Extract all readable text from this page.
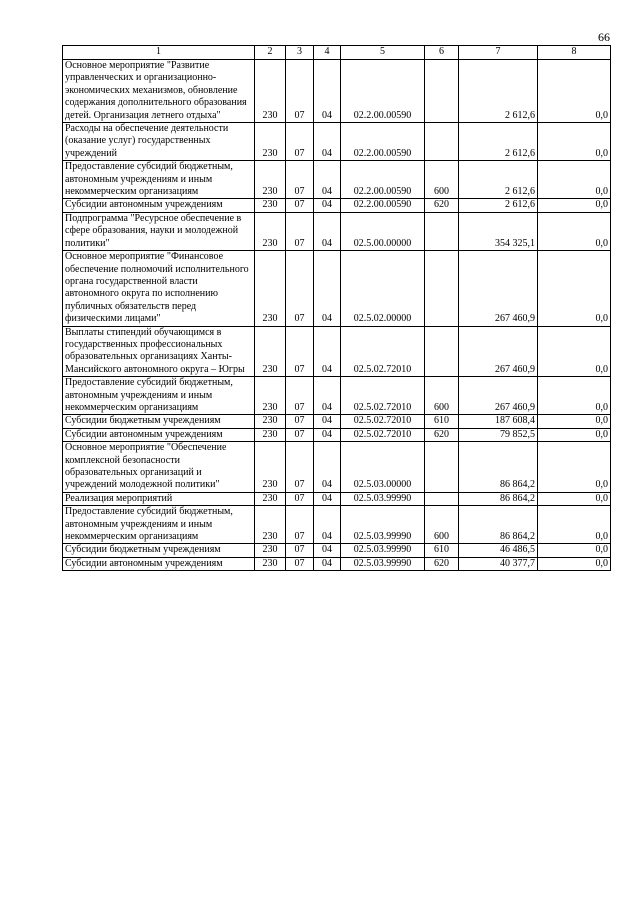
66
1	2	3	4	5	6	7	8
Основное мероприятие "Развитие управленческих и организационно-экономических механизмов, обновление содержания дополнительного образования детей. Организация летнего отдыха"	230	07	04	02.2.00.00590		2 612,6	0,0
Расходы на обеспечение деятельности (оказание услуг) государственных учреждений	230	07	04	02.2.00.00590		2 612,6	0,0
Предоставление субсидий бюджетным, автономным учреждениям и иным некоммерческим организациям	230	07	04	02.2.00.00590	600	2 612,6	0,0
Субсидии автономным учреждениям	230	07	04	02.2.00.00590	620	2 612,6	0,0
Подпрограмма "Ресурсное обеспечение в сфере образования, науки и молодежной политики"	230	07	04	02.5.00.00000		354 325,1	0,0
Основное мероприятие "Финансовое обеспечение полномочий исполнительного органа государственной власти автономного округа по исполнению публичных обязательств перед физическими лицами"	230	07	04	02.5.02.00000		267 460,9	0,0
Выплаты стипендий обучающимся в государственных профессиональных образовательных организациях Ханты-Мансийского автономного округа – Югры	230	07	04	02.5.02.72010		267 460,9	0,0
Предоставление субсидий бюджетным, автономным учреждениям и иным некоммерческим организациям	230	07	04	02.5.02.72010	600	267 460,9	0,0
Субсидии бюджетным учреждениям	230	07	04	02.5.02.72010	610	187 608,4	0,0
Субсидии автономным учреждениям	230	07	04	02.5.02.72010	620	79 852,5	0,0
Основное мероприятие "Обеспечение комплексной безопасности образовательных организаций и учреждений молодежной политики"	230	07	04	02.5.03.00000		86 864,2	0,0
Реализация мероприятий	230	07	04	02.5.03.99990		86 864,2	0,0
Предоставление субсидий бюджетным, автономным учреждениям и иным некоммерческим организациям	230	07	04	02.5.03.99990	600	86 864,2	0,0
Субсидии бюджетным учреждениям	230	07	04	02.5.03.99990	610	46 486,5	0,0
Субсидии автономным учреждениям	230	07	04	02.5.03.99990	620	40 377,7	0,0
